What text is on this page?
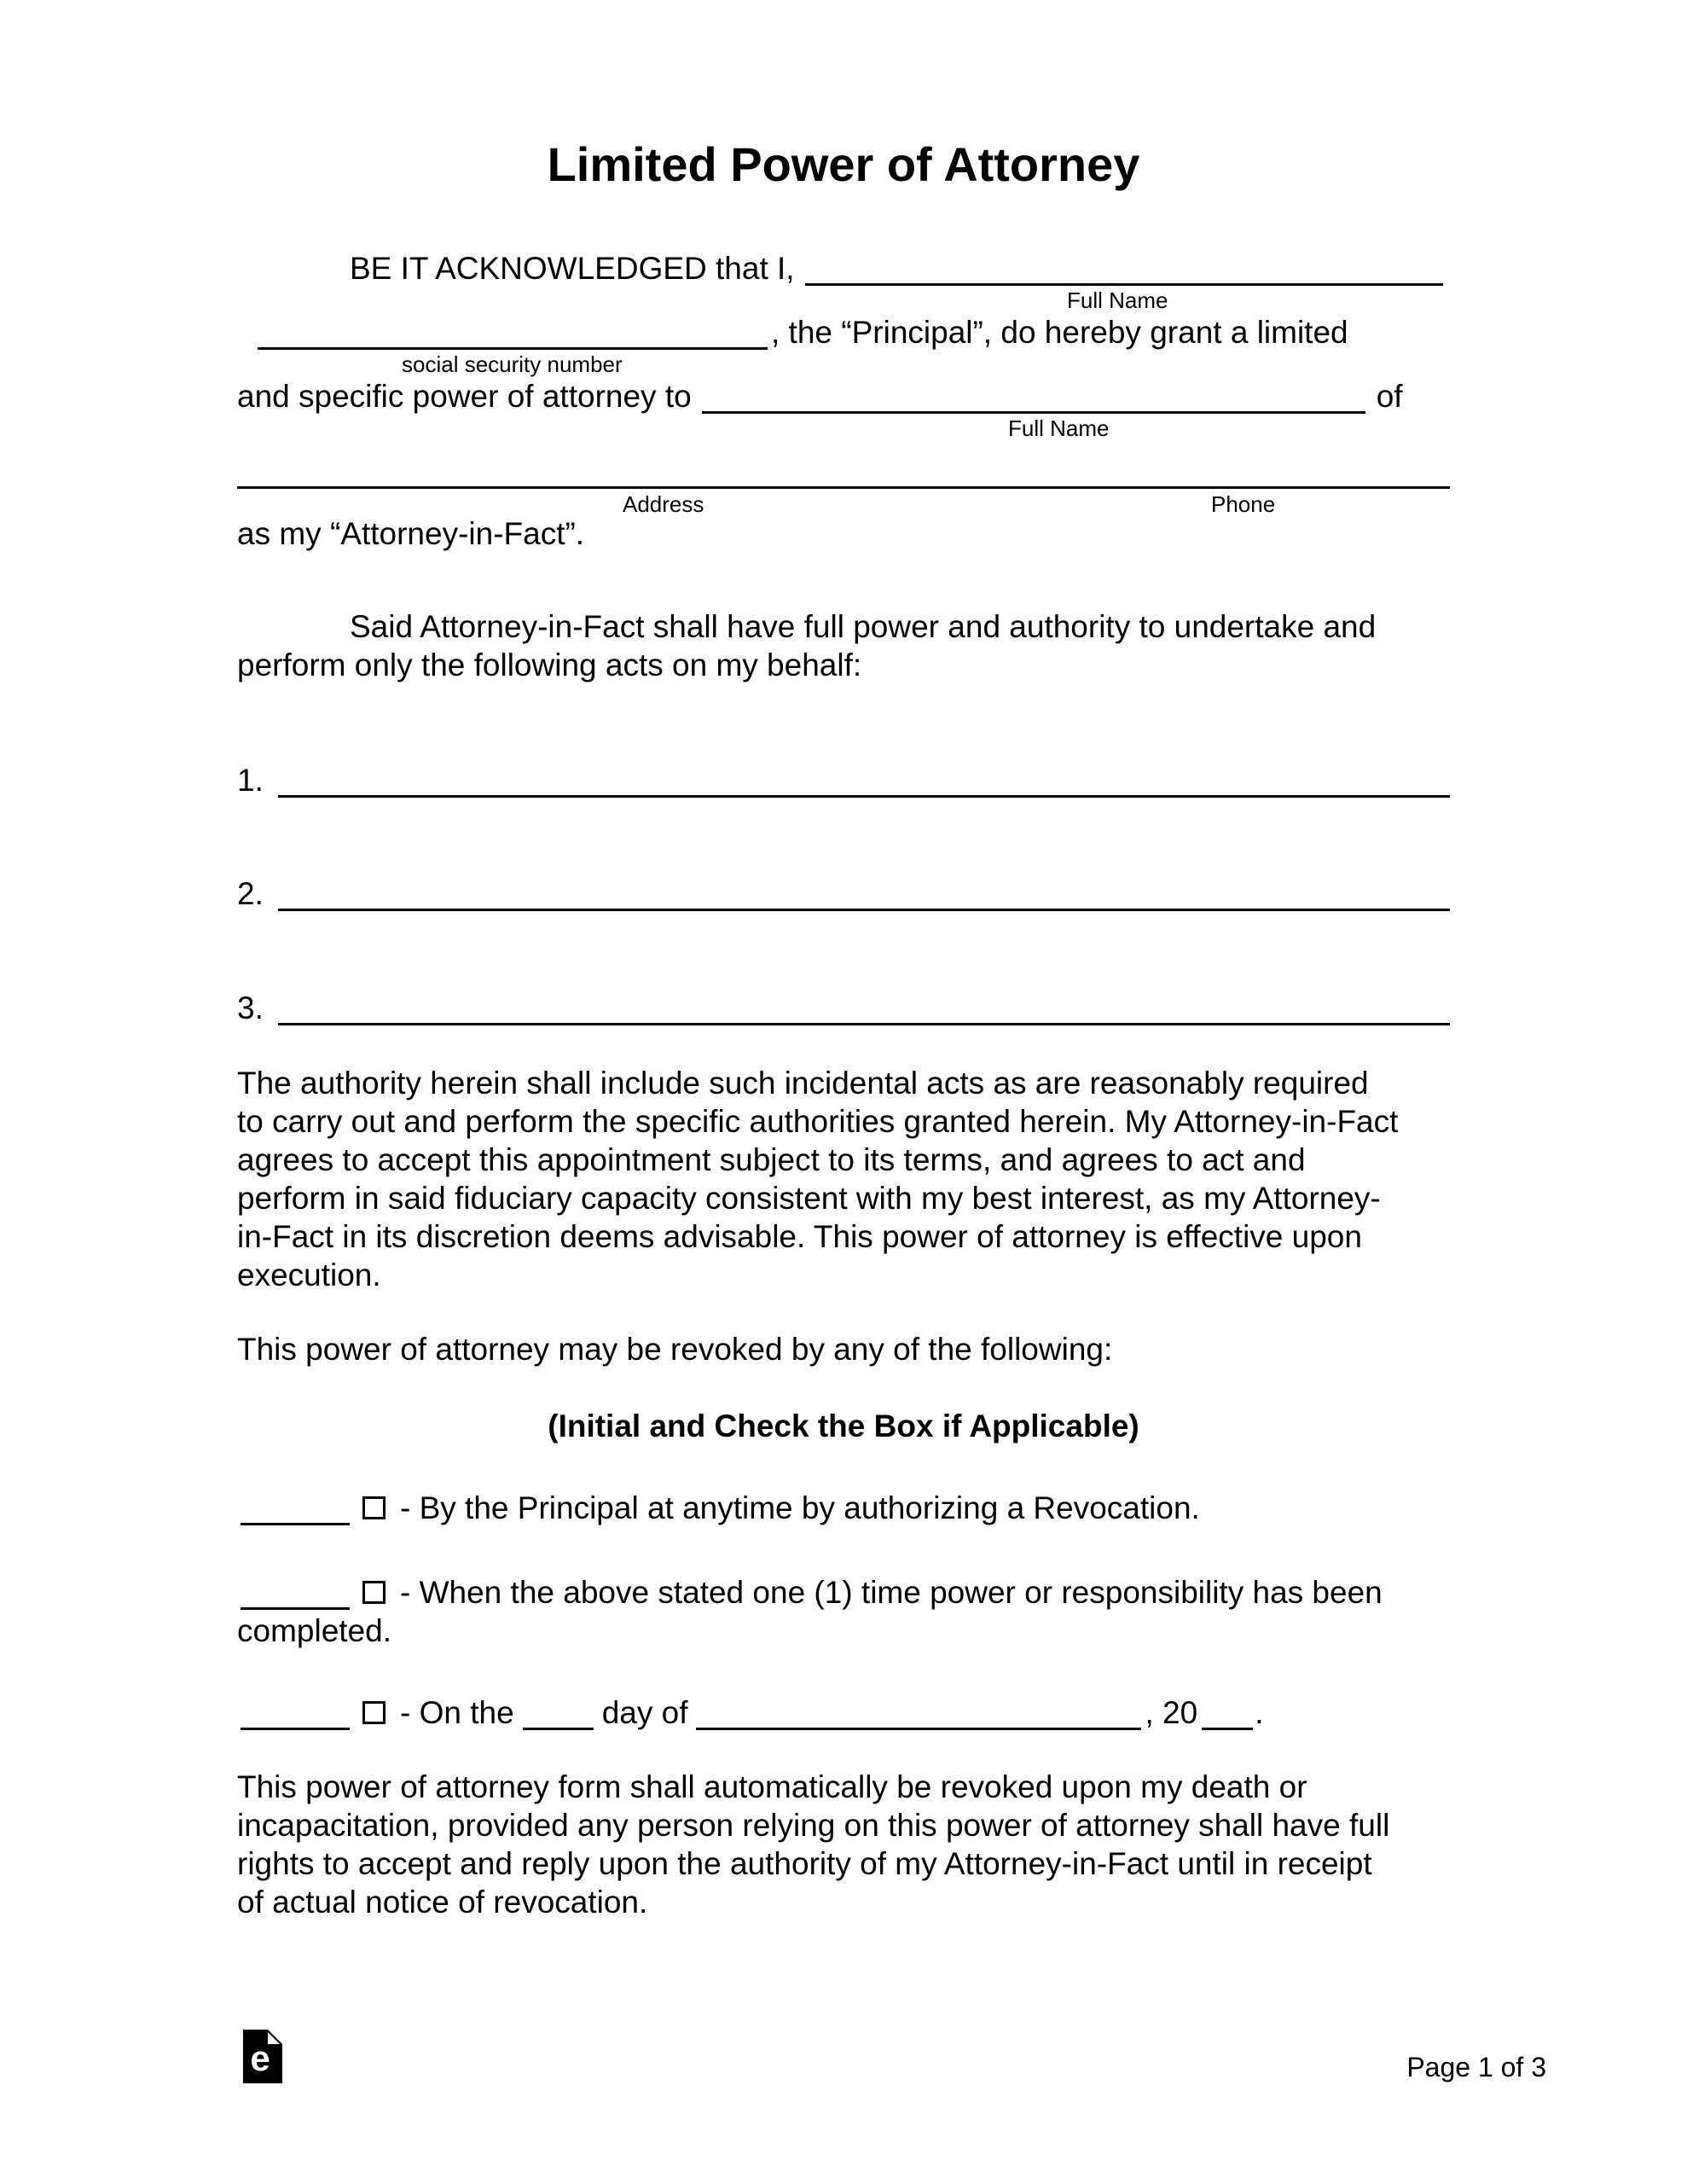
Limited Power of Attorney
BE IT ACKNOWLEDGED that I,
Full Name
, the “Principal”, do hereby grant a limited
social security number
and specific power of attorney to	of
Full Name
Address	Phone
as my “Attorney-in-Fact”.
Said Attorney-in-Fact shall have full power and authority to undertake and
perform only the following acts on my behalf:
1.
2.
3.
The authority herein shall include such incidental acts as are reasonably required
to carry out and perform the specific authorities granted herein. My Attorney-in-Fact
agrees to accept this appointment subject to its terms, and agrees to act and
perform in said fiduciary capacity consistent with my best interest, as my Attorney-
in-Fact in its discretion deems advisable. This power of attorney is effective upon
execution.
This power of attorney may be revoked by any of the following:
(Initial and Check the Box if Applicable)
- By the Principal at anytime by authorizing a Revocation.
- When the above stated one (1) time power or responsibility has been
completed.
- On the	day of	, 20 .
This power of attorney form shall automatically be revoked upon my death or
incapacitation, provided any person relying on this power of attorney shall have full
rights to accept and reply upon the authority of my Attorney-in-Fact until in receipt
of actual notice of revocation.
e	Page 1 of 3
